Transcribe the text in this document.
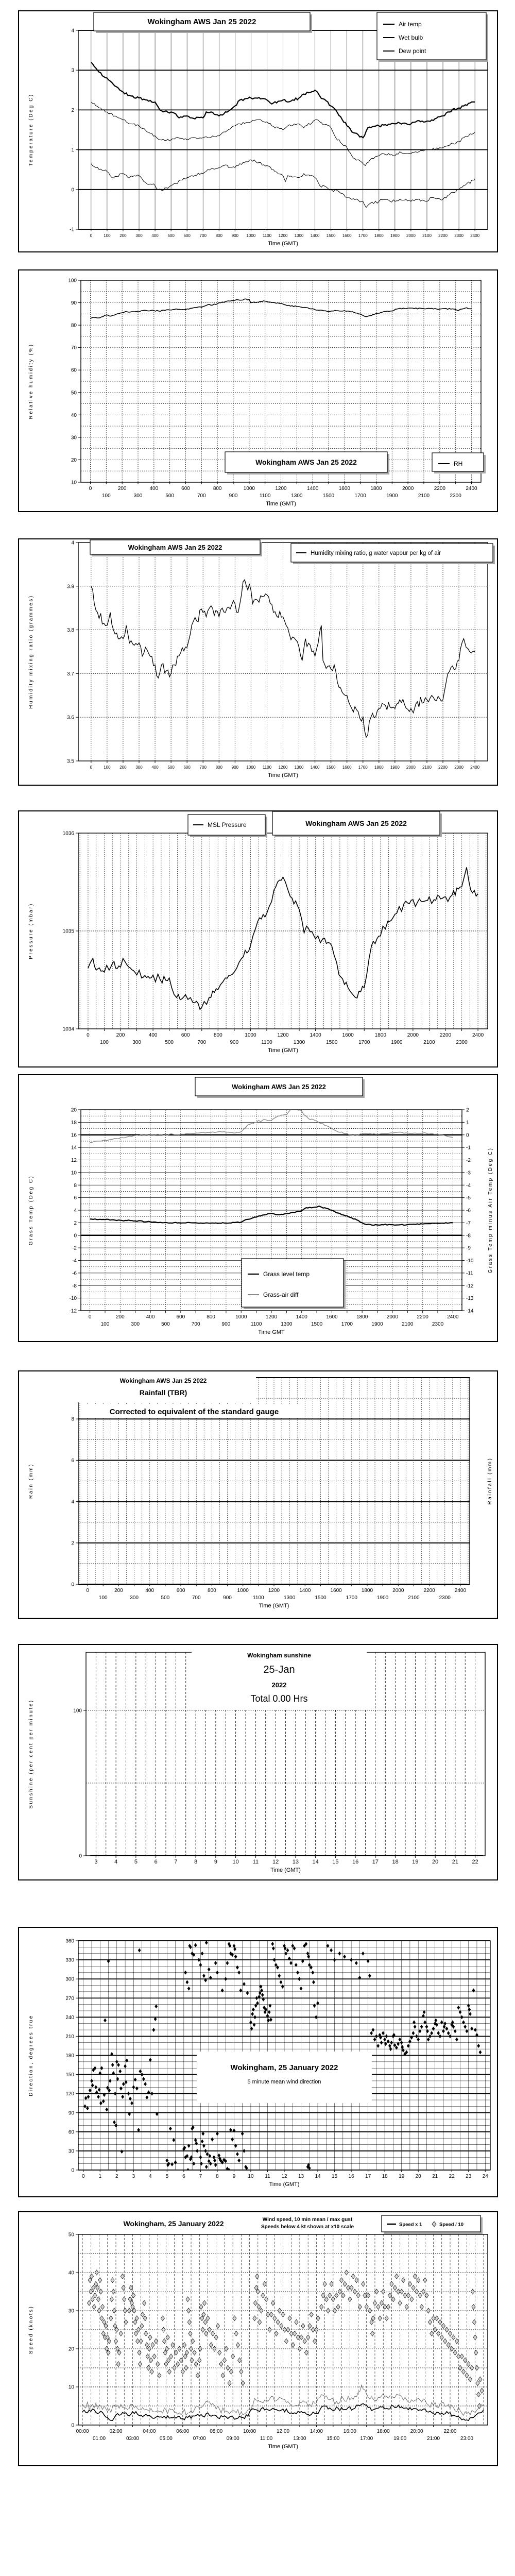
-1
0
1
2
3
4
0	100 200 300 400 500 600 700 800 900 1000 1100 1200 1300 1400 1500 1600 1700 1800 1900 2000 2100 2200 2300 2400
Time (GMT)
Temperature (Deg C)
Wokingham AWS Jan 25 2022	Air temp
Wet bulb
Dew point
10
20
30
40
50
60
70
80
90
100
0
100
200
300
400
500
600
700
800
900
1000
1100
1200
1300
1400
1500
1600
1700
1800
1900
2000
2100
2200
2300
2400
Time (GMT)
Relative humidity (%)
Wokingham AWS Jan 25 2022	RH
3.5
3.6
3.7
3.8
3.9
4
0	100 200 300 400 500 600 700 800 900 1000 1100 1200 1300 1400 1500 1600 1700 1800 1900 2000 2100 2200 2300 2400
Time (GMT)
Humidity mixing ratio (grammes)
Wokingham AWS Jan 25 2022
Humidity mixing ratio, g water vapour per kg of air
1034
1035
1036
0
100
200
300
400
500
600
700
800
900
1000
1100
1200
1300
1400
1500
1600
1700
1800
1900
2000
2100
2200
2300
2400
Time (GMT)
Pressure (mbar)
Wokingham AWS Jan 25 2022
MSL Pressure
-12
-10
-8
-6
-4
-2
0
2
4
6
8
10
12
14
16
18
20
-14
-13
-12
-11
-10
-9
-8
-7
-6
-5
-4
-3
-2
-1
0
1
2
0
100
200
300
400
500
600
700
800
900
1000
1100
1200
1300
1400
1500
1600
1700
1800
1900
2000
2100
2200
2300
2400
Time GMT
Grass Temp (Deg C)	Grass Temp minus Air Temp (Deg C)
Wokingham AWS Jan 25 2022
Grass level temp
Grass-air diff
0
2
4
6
8
0
100
200
300
400
500
600
700
800
900
1000
1100
1200
1300
1400
1500
1600
1700
1800
1900
2000
2100
2200
2300
2400
Time (GMT)
Rain (mm)	Rainfall (mm)
Wokingham AWS Jan 25 2022
Rainfall (TBR)
Corrected to equivalent of the standard gauge
0
100
3	4	5	6	7	8	9	10 11 12 13 14 15 16 17 18 19 20 21 22
Time (GMT)
Sunshine (per cent per minute)
Wokingham sunshine
25-Jan
2022
Total 0.00 Hrs
0
30
60
90
120
150
180
210
240
270
300
330
360
0	1	2	3	4	5	6	7	8	9 10 11 12 13 14 15 16 17 18 19 20 21 22 23 24
Time (GMT)
Direction, degrees true	Wokingham, 25 January 2022
5 minute mean wind direction
0
10
20
30
40
50
00:00
01:00
02:00
03:00
04:00
05:00
06:00
07:00
08:00
09:00
10:00
11:00
12:00
13:00
14:00
15:00
16:00
17:00
18:00
19:00
20:00
21:00
22:00
23:00
Time (GMT)
Speed (knots)
Wokingham, 25 January 2022	Wind speed, 10 min mean / max gust
Speeds below 4 kt shown at x10 scale	Speed x 1	Speed / 10
